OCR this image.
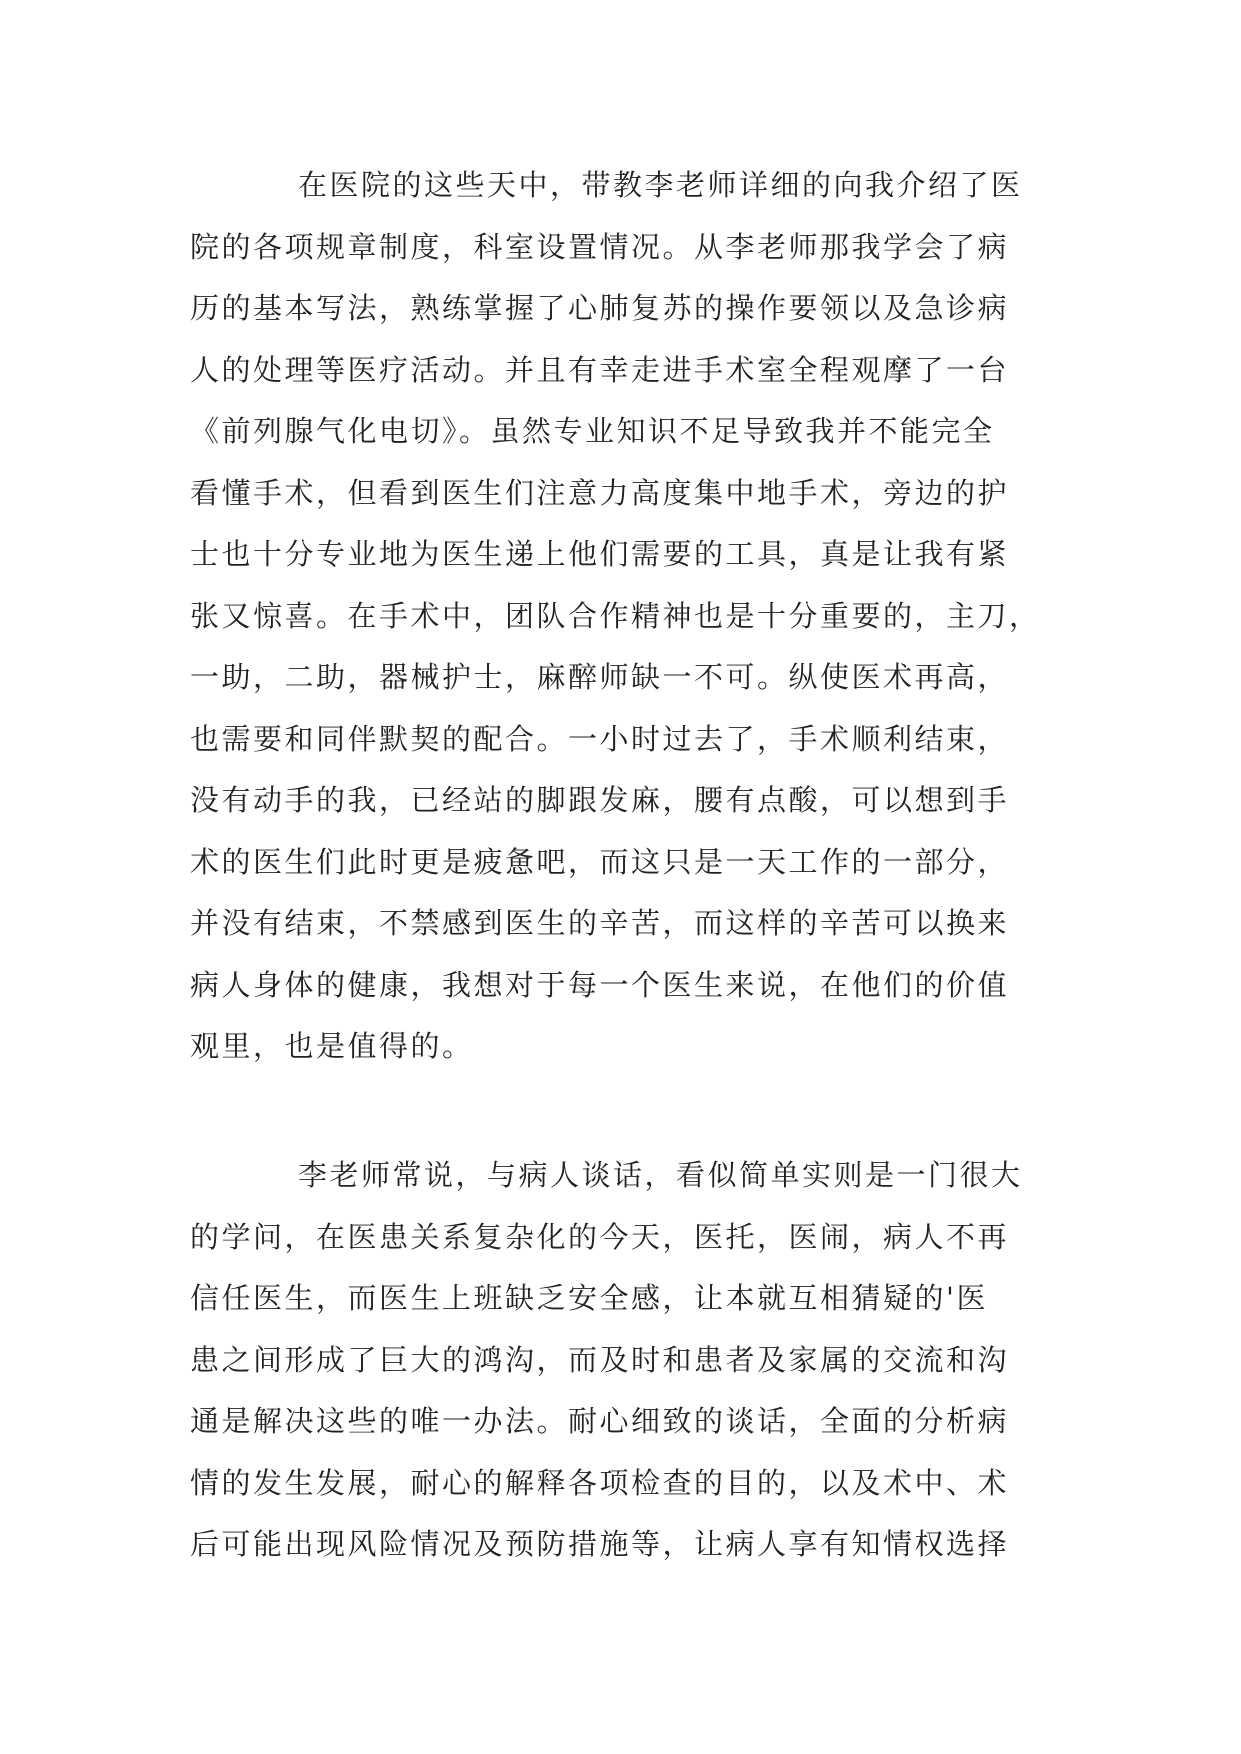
在医院的这些天中，带教李老师详细的向我介绍了医
院的各项规章制度，科室设置情况。从李老师那我学会了病
历的基本写法，熟练掌握了心肺复苏的操作要领以及急诊病
人的处理等医疗活动。并且有幸走进手术室全程观摩了一台
《前列腺气化电切》。虽然专业知识不足导致我并不能完全
看懂手术，但看到医生们注意力高度集中地手术，旁边的护
士也十分专业地为医生递上他们需要的工具，真是让我有紧
张又惊喜。在手术中，团队合作精神也是十分重要的，主刀，
一助，二助，器械护士，麻醉师缺一不可。纵使医术再高，
也需要和同伴默契的配合。一小时过去了，手术顺利结束，
没有动手的我，已经站的脚跟发麻，腰有点酸，可以想到手
术的医生们此时更是疲惫吧，而这只是一天工作的一部分，
并没有结束，不禁感到医生的辛苦，而这样的辛苦可以换来
病人身体的健康，我想对于每一个医生来说，在他们的价值
观里，也是值得的。
李老师常说，与病人谈话，看似简单实则是一门很大
的学问，在医患关系复杂化的今天，医托，医闹，病人不再
信任医生，而医生上班缺乏安全感，让本就互相猜疑的'医
患之间形成了巨大的鸿沟，而及时和患者及家属的交流和沟
通是解决这些的唯一办法。耐心细致的谈话，全面的分析病
情的发生发展，耐心的解释各项检查的目的，以及术中、术
后可能出现风险情况及预防措施等，让病人享有知情权选择
